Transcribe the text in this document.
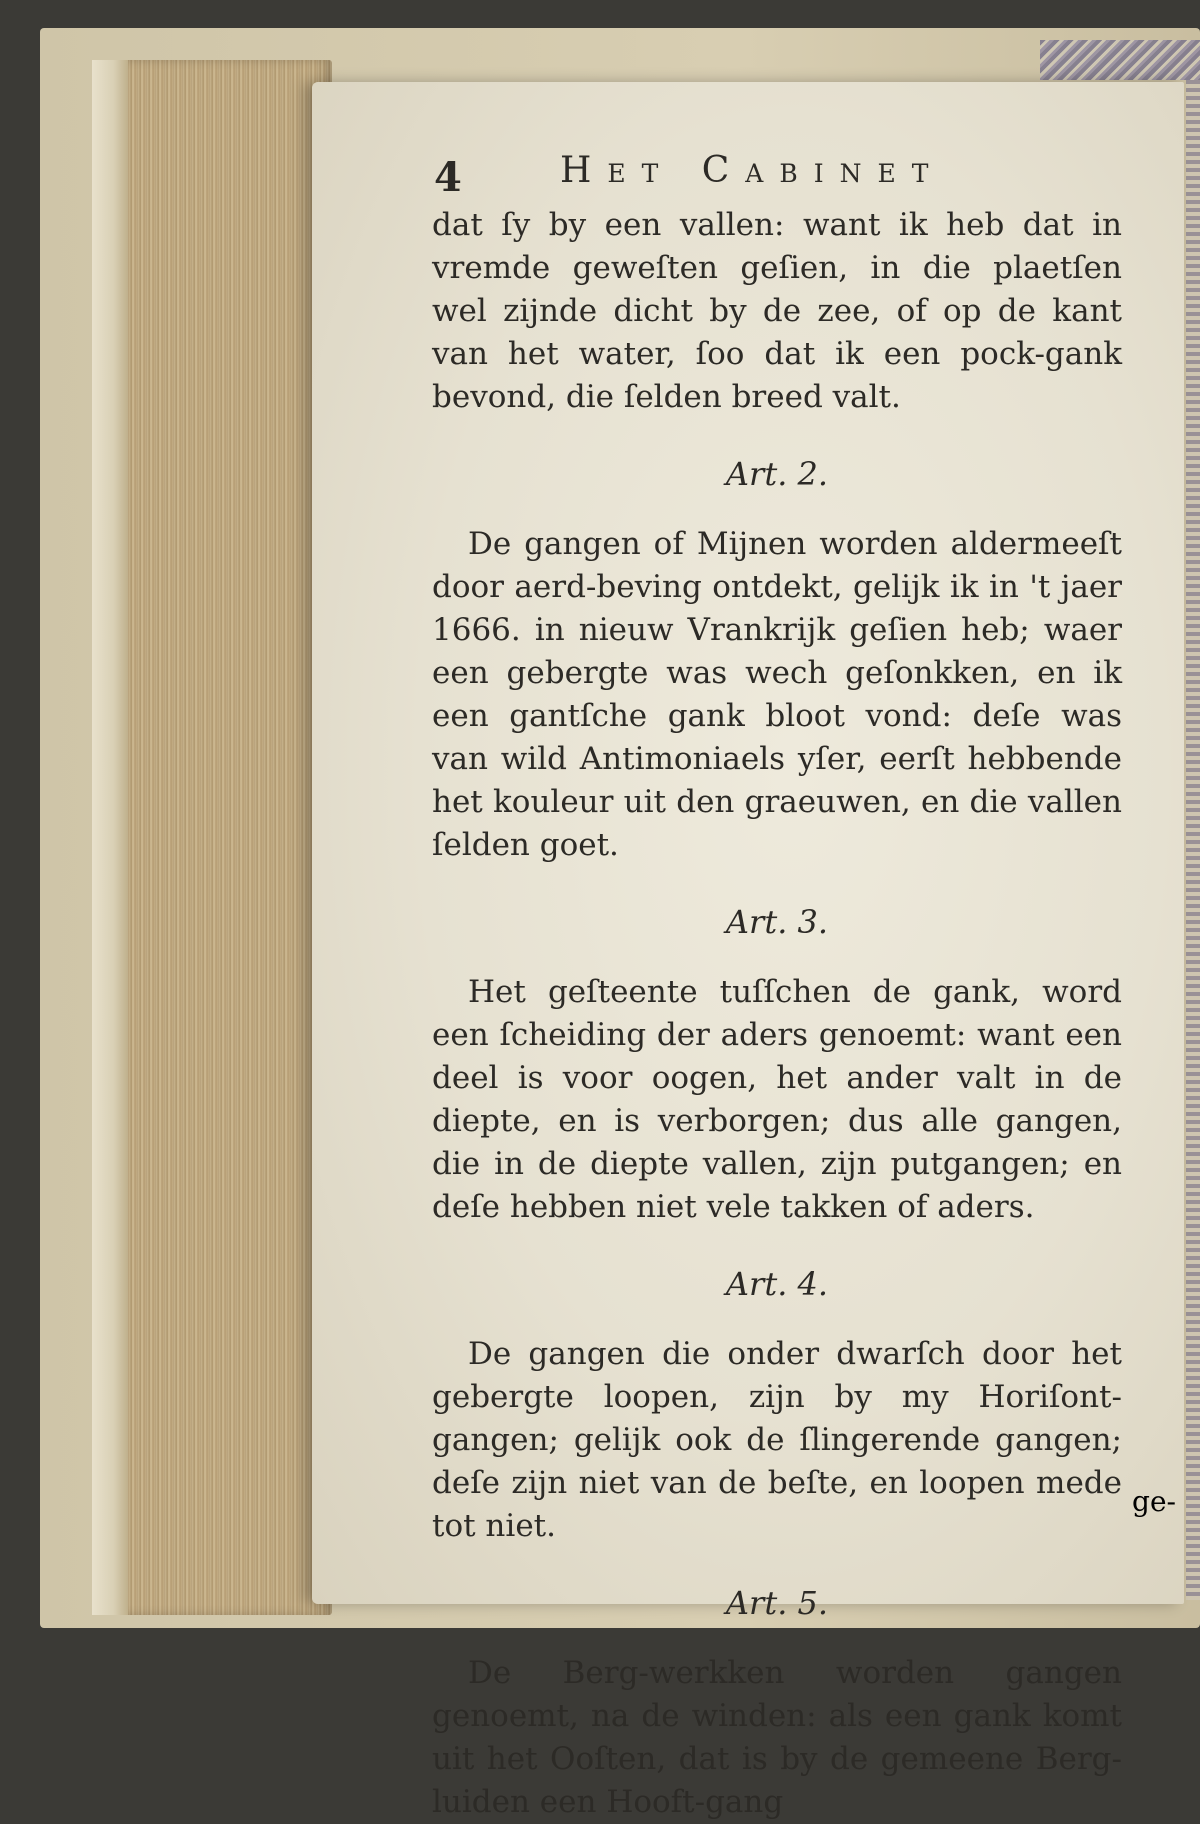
4	Het Cabinet

dat ſy by een vallen: want ik heb dat in vremde geweſten geſien, in die plaetſen wel zijnde dicht by de zee, of op de kant van het water, ſoo dat ik een pock-gank bevond, die ſelden breed valt.

Art. 2.

De gangen of Mijnen worden aldermeeſt door aerd-beving ontdekt, gelijk ik in 't jaer 1666. in nieuw Vrankrijk geſien heb; waer een gebergte was wech geſonkken, en ik een gantſche gank bloot vond: deſe was van wild Antimoniaels yſer, eerſt hebbende het kouleur uit den graeuwen, en die vallen ſelden goet.

Art. 3.

Het geſteente tuſſchen de gank, word een ſcheiding der aders genoemt: want een deel is voor oogen, het ander valt in de diepte, en is verborgen; dus alle gangen, die in de diepte vallen, zijn putgangen; en deſe hebben niet vele takken of aders.

Art. 4.

De gangen die onder dwarſch door het gebergte loopen, zijn by my Horiſont-gangen; gelijk ook de ſlingerende gangen; deſe zijn niet van de beſte, en loopen mede tot niet.

Art. 5.

De Berg-werkken worden gangen genoemt, na de winden: als een gank komt uit het Ooſten, dat is by de gemeene Berg-luiden een Hooft-gang

ge-
